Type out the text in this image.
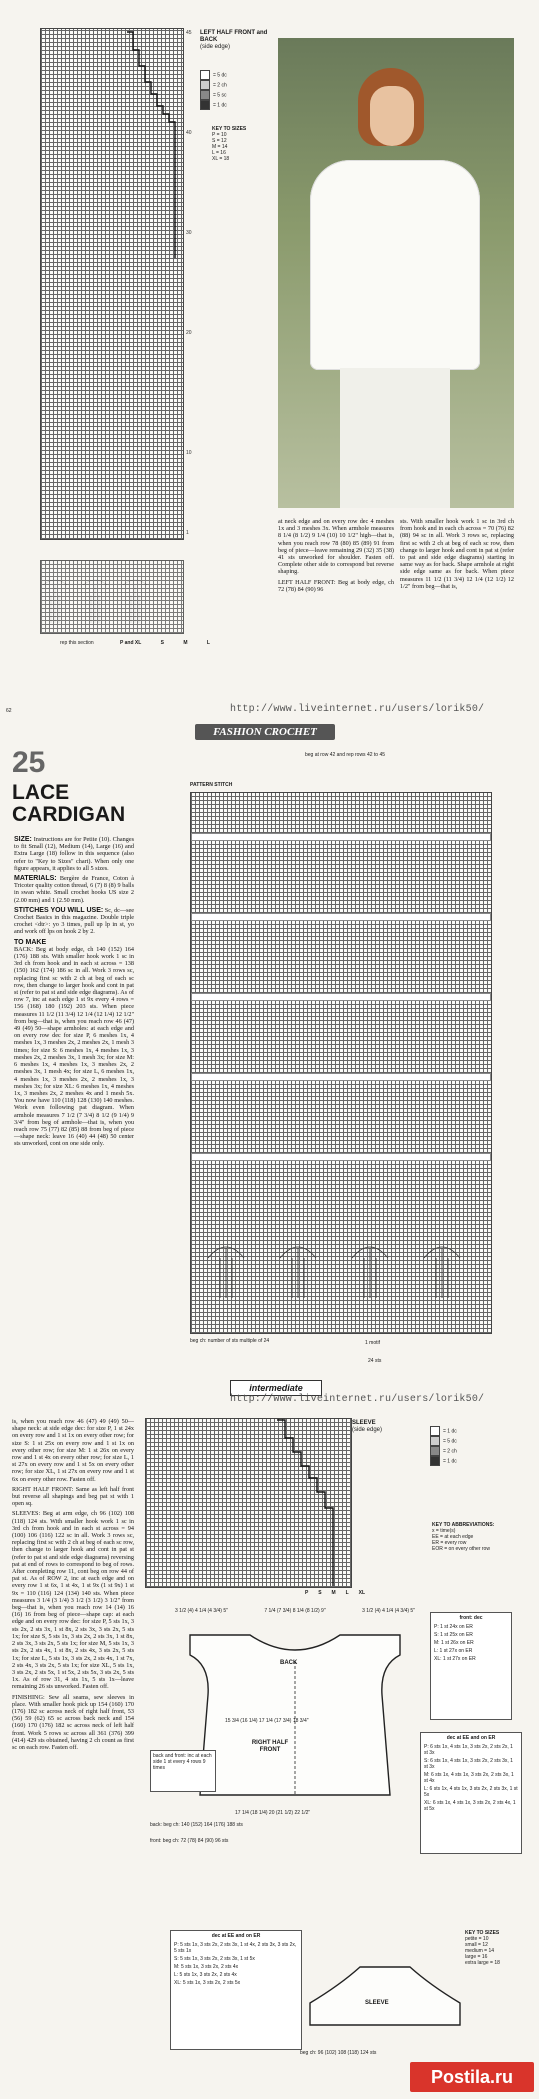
45
40
30
20
10
1
rep this section	P and XL	S	M	L
62
LEFT HALF FRONT and BACK
(side edge)
= 5 dc
= 2 ch
= 5 sc
= 1 dc
KEY TO SIZES
P = 10
S = 12
M = 14
L = 16
XL = 18

at neck edge and on every row dec 4 meshes 1x and 3 meshes 3x. When armhole measures 8 1/4 (8 1/2) 9 1/4 (10) 10 1/2" high—that is, when you reach row 78 (80) 85 (89) 91 from beg of piece—leave remaining 29 (32) 35 (38) 41 sts unworked for shoulder. Fasten off. Complete other side to correspond but reverse shaping.

LEFT HALF FRONT: Beg at body edge, ch 72 (78) 84 (90) 96

sts. With smaller hook work 1 sc in 3rd ch from hook and in each ch across = 70 (76) 82 (88) 94 sc in all. Work 3 rows sc, replacing first sc with 2 ch at beg of each sc row, then change to larger hook and cont in pat st (refer to pat and side edge diagrams) starting in same way as for back. Shape armhole at right side edge same as for back. When piece measures 11 1/2 (11 3/4) 12 1/4 (12 1/2) 12 1/2" from beg—that is,

http://www.liveinternet.ru/users/lorik50/
FASHION CROCHET
25
LACE CARDIGAN

SIZE: Instructions are for Petite (10). Changes to fit Small (12), Medium (14), Large (16) and Extra Large (18) follow in this sequence (also refer to "Key to Sizes" chart). When only one figure appears, it applies to all 5 sizes.

MATERIALS: Bergère de France, Coton à Tricoter quality cotton thread, 6 (7) 8 (8) 9 balls in swan white. Small crochet hooks US size 2 (2.00 mm) and 1 (2.50 mm).

STITCHES YOU WILL USE: Sc, dc—see Crochet Basics in this magazine. Double triple crochet <dtr>: yo 3 times, pull up lp in st, yo and work off lps on hook 2 by 2.

TO MAKE
BACK: Beg at body edge, ch 140 (152) 164 (176) 188 sts. With smaller hook work 1 sc in 3rd ch from hook and in each st across = 138 (150) 162 (174) 186 sc in all. Work 3 rows sc, replacing first sc with 2 ch at beg of each sc row, then change to larger hook and cont in pat st (refer to pat st and side edge diagrams). As of row 7, inc at each edge 1 st 9x every 4 rows = 156 (168) 180 (192) 203 sts. When piece measures 11 1/2 (11 3/4) 12 1/4 (12 1/4) 12 1/2" from beg—that is, when you reach row 46 (47) 49 (49) 50—shape armholes: at each edge and on every row dec for size P, 6 meshes 1x, 4 meshes 1x, 3 meshes 2x, 2 meshes 2x, 1 mesh 3 times; for size S: 6 meshes 1x, 4 meshes 1x, 3 meshes 2x, 2 meshes 3x, 1 mesh 3x; for size M: 6 meshes 1x, 4 meshes 1x, 3 meshes 2x, 2 meshes 3x, 1 mesh 4x; for size L, 6 meshes 1x, 4 meshes 1x, 3 meshes 2x, 2 meshes 1x, 3 meshes 3x; for size XL: 6 meshes 1x, 4 meshes 1x, 3 meshes 2x, 2 meshes 4x and 1 mesh 5x. You now have 110 (118) 128 (130) 140 meshes. Work even following pat diagram. When armhole measures 7 1/2 (7 3/4) 8 1/2 (9 1/4) 9 3/4" from beg of armhole—that is, when you reach row 75 (77) 82 (85) 88 from beg of piece—shape neck: leave 16 (40) 44 (48) 50 center sts unworked, cont on one side only.

beg at row 42 and rep rows 42 to 45
PATTERN STITCH
beg ch: number of sts multiple of 24	1 motif
24 sts
intermediate
http://www.liveinternet.ru/users/lorik50/

is, when you reach row 46 (47) 49 (49) 50—shape neck: at side edge dec: for size P, 1 st 24x on every row and 1 st 1x on every other row; for size S: 1 st 25x on every row and 1 st 1x on every other row; for size M: 1 st 26x on every row and 1 st 4x on every other row; for size L, 1 st 27x on every row and 1 st 5x on every other row; for size XL, 1 st 27x on every row and 1 st 6x on every other row. Fasten off.

RIGHT HALF FRONT: Same as left half front but reverse all shapings and beg pat st with 1 open sq.

SLEEVES: Beg at arm edge, ch 96 (102) 108 (118) 124 sts. With smaller hook work 1 sc in 3rd ch from hook and in each st across = 94 (100) 106 (116) 122 sc in all. Work 3 rows sc, replacing first sc with 2 ch at beg of each sc row, then change to larger hook and cont in pat st (refer to pat st and side edge diagrams) reversing pat at end of rows to correspond to beg of rows. After completing row 11, cont beg on row 44 of pat st. As of ROW 2, inc at each edge and on every row 1 st 6x, 1 st 4x, 1 st 9x (1 st 9x) 1 st 9x = 110 (116) 124 (134) 140 sts. When piece measures 3 1/4 (3 1/4) 3 1/2 (3 1/2) 3 1/2" from beg—that is, when you reach row 14 (14) 16 (16) 16 from beg of piece—shape cap: at each edge and on every row dec: for size P, 5 sts 1x, 3 sts 2x, 2 sts 3x, 1 st 8x, 2 sts 3x, 3 sts 2x, 5 sts 1x; for size S, 5 sts 1x, 3 sts 2x, 2 sts 3x, 1 st 8x, 2 sts 3x, 3 sts 2x, 5 sts 1x; for size M, 5 sts 1x, 3 sts 2x, 2 sts 4x, 1 st 8x, 2 sts 4x, 3 sts 2x, 5 sts 1x; for size L, 5 sts 1x, 3 sts 2x, 2 sts 4x, 1 st 7x, 2 sts 4x, 3 sts 2x, 5 sts 1x; for size XL, 5 sts 1x, 3 sts 2x, 2 sts 5x, 1 st 5x, 2 sts 5x, 3 sts 2x, 5 sts 1x. As of row 31, 4 sts 1x, 5 sts 1x—leave remaining 26 sts unworked. Fasten off.

FINISHING: Sew all seams, sew sleeves in place. With smaller hook pick up 154 (160) 170 (176) 182 sc across neck of right half front, 53 (56) 59 (62) 65 sc across back neck and 154 (160) 170 (176) 182 sc across neck of left half front. Work 5 rows sc across all 361 (376) 399 (414) 429 sts obtained, having 2 ch count as first sc on each row. Fasten off.

SLEEVE
(side edge)	= 1 dc
= 5 dc
= 2 ch
= 1 dc
KEY TO ABBREVIATIONS:
x = time(s)
EE = at each edge
ER = every row
EOR = on every other row
P S M L XL
3 1/2 (4) 4 1/4 (4 3/4) 5"	7 1/4 (7 3/4) 8 1/4 (8 1/2) 9"	3 1/2 (4) 4 1/4 (4 3/4) 5"
BACK
RIGHT HALF FRONT
15 3/4 (16 1/4) 17 1/4 (17 3/4) 18 3/4"
17 1/4 (18 1/4) 20 (21 1/2) 22 1/2"
back and front: inc at each side 1 st every 4 rows 9 times
back: beg ch: 140 (152) 164 (176) 188 sts
front: beg ch: 72 (78) 84 (90) 96 sts
front: dec
P: 1 st 24x on ER
S: 1 st 25x on ER
M: 1 st 26x on ER
L: 1 st 27x on ER
XL: 1 st 27x on ER
dec at EE and on ER
P: 6 sts 1x, 4 sts 1x, 3 sts 2x, 2 sts 2x, 1 st 3x
S: 6 sts 1x, 4 sts 1x, 3 sts 2x, 2 sts 3x, 1 st 3x
M: 6 sts 1x, 4 sts 1x, 3 sts 2x, 2 sts 3x, 1 st 4x
L: 6 sts 1x, 4 sts 1x, 3 sts 2x, 2 sts 3x, 1 st 5x
XL: 6 sts 1x, 4 sts 1x, 3 sts 2x, 2 sts 4x, 1 st 5x
dec at EE and on ER
P: 5 sts 1x, 3 sts 2x, 2 sts 3x, 1 st 4x, 2 sts 3x, 3 sts 2x, 5 sts 1x
S: 5 sts 1x, 3 sts 2x, 2 sts 3x, 1 st 5x
M: 5 sts 1x, 3 sts 2x, 2 sts 4x
L: 5 sts 1x, 3 sts 2x, 2 sts 4x
XL: 5 sts 1x, 3 sts 2x, 2 sts 5x
SLEEVE
beg ch: 96 (102) 108 (118) 124 sts
KEY TO SIZES
petite = 10
small = 12
medium = 14
large = 16
extra large = 18
Postila.ru
